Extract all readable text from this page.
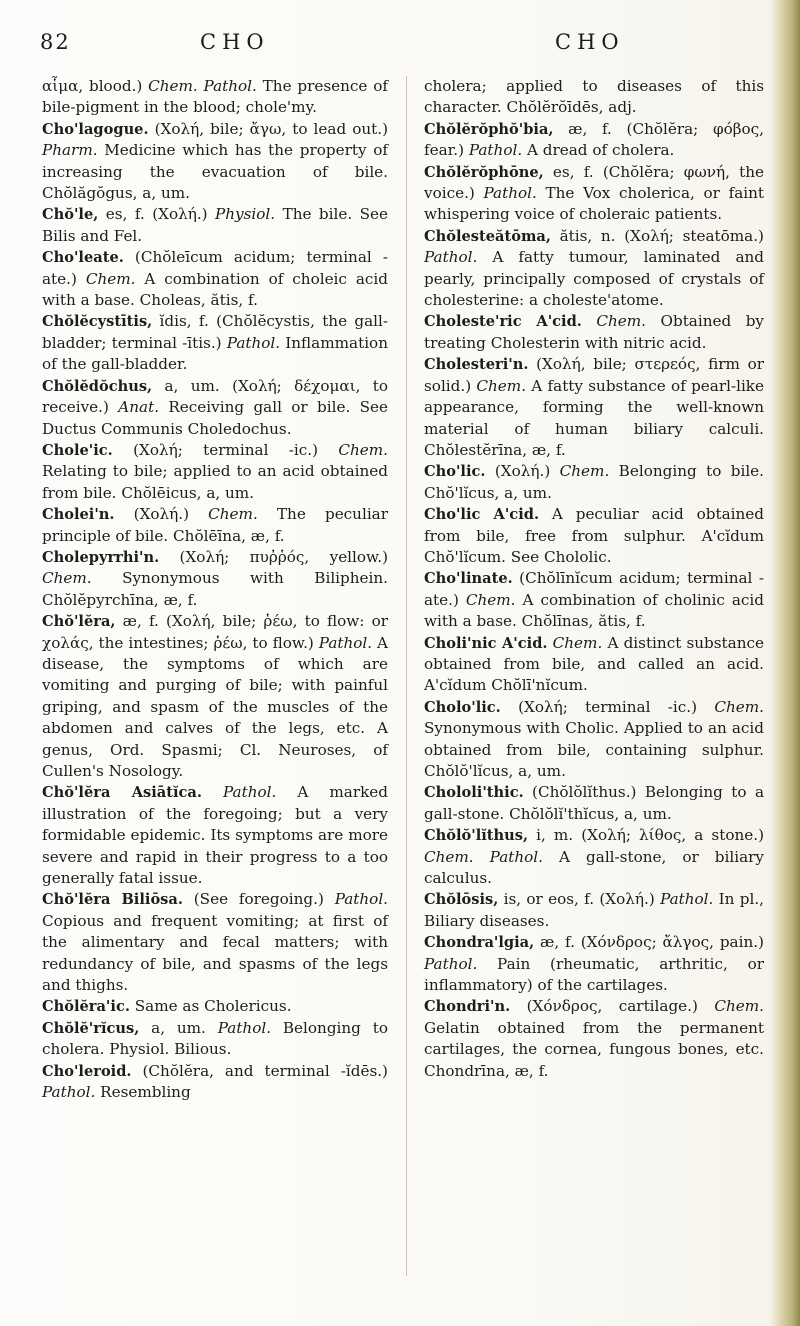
82	CHO	CHO

αἷμα, blood.) Chem. Pathol. The presence of bile-pigment in the blood; chole'my.

Cho'lagogue. (Χολή, bile; ἄγω, to lead out.) Pharm. Medicine which has the property of increasing the evacuation of bile. Chŏlăgŏgus, a, um.

Chŏ'le, es, f. (Χολή.) Physiol. The bile. See Bilis and Fel.

Cho'leate. (Chŏleīcum acidum; terminal -ate.) Chem. A combination of choleic acid with a base. Choleas, ătis, f.

Chŏlĕcystītis, ĭdis, f. (Chŏlĕcystis, the gall-bladder; terminal -ītis.) Pathol. Inflammation of the gall-bladder.

Chŏlĕdŏchus, a, um. (Χολή; δέχομαι, to receive.) Anat. Receiving gall or bile. See Ductus Communis Choledochus.

Chole'ic. (Χολή; terminal -ic.) Chem. Relating to bile; applied to an acid obtained from bile. Chŏlēicus, a, um.

Cholei'n. (Χολή.) Chem. The peculiar principle of bile. Chŏlēīna, æ, f.

Cholepyrrhi'n. (Χολή; πυῤῥός, yellow.) Chem. Synonymous with Biliphein. Chŏlĕpyrchīna, æ, f.

Chŏ'lĕra, æ, f. (Χολή, bile; ῥέω, to flow: or χολάς, the intestines; ῥέω, to flow.) Pathol. A disease, the symptoms of which are vomiting and purging of bile; with painful griping, and spasm of the muscles of the abdomen and calves of the legs, etc. A genus, Ord. Spasmi; Cl. Neuroses, of Cullen's Nosology.

Chŏ'lĕra Asiātĭca. Pathol. A marked illustration of the foregoing; but a very formidable epidemic. Its symptoms are more severe and rapid in their progress to a too generally fatal issue.

Chŏ'lĕra Biliōsa. (See foregoing.) Pathol. Copious and frequent vomiting; at first of the alimentary and fecal matters; with redundancy of bile, and spasms of the legs and thighs.

Chŏlĕra'ic. Same as Cholericus.

Chŏlĕ'rĭcus, a, um. Pathol. Belonging to cholera. Physiol. Bilious.

Cho'leroid. (Chŏlĕra, and terminal -ĭdēs.) Pathol. Resembling

cholera; applied to diseases of this character. Chŏlĕrŏīdēs, adj.

Chŏlĕrŏphŏ'bia, æ, f. (Chŏlĕra; φόβος, fear.) Pathol. A dread of cholera.

Chŏlĕrŏphōne, es, f. (Chŏlĕra; φωνή, the voice.) Pathol. The Vox cholerica, or faint whispering voice of choleraic patients.

Chŏlesteătōma, ătis, n. (Χολή; steatōma.) Pathol. A fatty tumour, laminated and pearly, principally composed of crystals of cholesterine: a choleste'atome.

Choleste'ric A'cid. Chem. Obtained by treating Cholesterin with nitric acid.

Cholesteri'n. (Χολή, bile; στερεός, firm or solid.) Chem. A fatty substance of pearl-like appearance, forming the well-known material of human biliary calculi. Chŏlestĕrīna, æ, f.

Cho'lic. (Χολή.) Chem. Belonging to bile. Chŏ'lĭcus, a, um.

Cho'lic A'cid. A peculiar acid obtained from bile, free from sulphur. A'cĭdum Chŏ'lĭcum. See Chololic.

Cho'linate. (Chŏlīnĭcum acidum; terminal -ate.) Chem. A combination of cholinic acid with a base. Chŏlīnas, ătis, f.

Choli'nic A'cid. Chem. A distinct substance obtained from bile, and called an acid. A'cĭdum Chŏlī'nĭcum.

Cholo'lic. (Χολή; terminal -ic.) Chem. Synonymous with Cholic. Applied to an acid obtained from bile, containing sulphur. Chŏlŏ'lĭcus, a, um.

Chololi'thic. (Chŏlŏlĭthus.) Belonging to a gall-stone. Chŏlŏlĭ'thĭcus, a, um.

Chŏlŏ'lĭthus, i, m. (Χολή; λίθος, a stone.) Chem. Pathol. A gall-stone, or biliary calculus.

Chŏlōsis, is, or eos, f. (Χολή.) Pathol. In pl., Biliary diseases.

Chondra'lgia, æ, f. (Χόνδρος; ἄλγος, pain.) Pathol. Pain (rheumatic, arthritic, or inflammatory) of the cartilages.

Chondri'n. (Χόνδρος, cartilage.) Chem. Gelatin obtained from the permanent cartilages, the cornea, fungous bones, etc. Chondrīna, æ, f.
